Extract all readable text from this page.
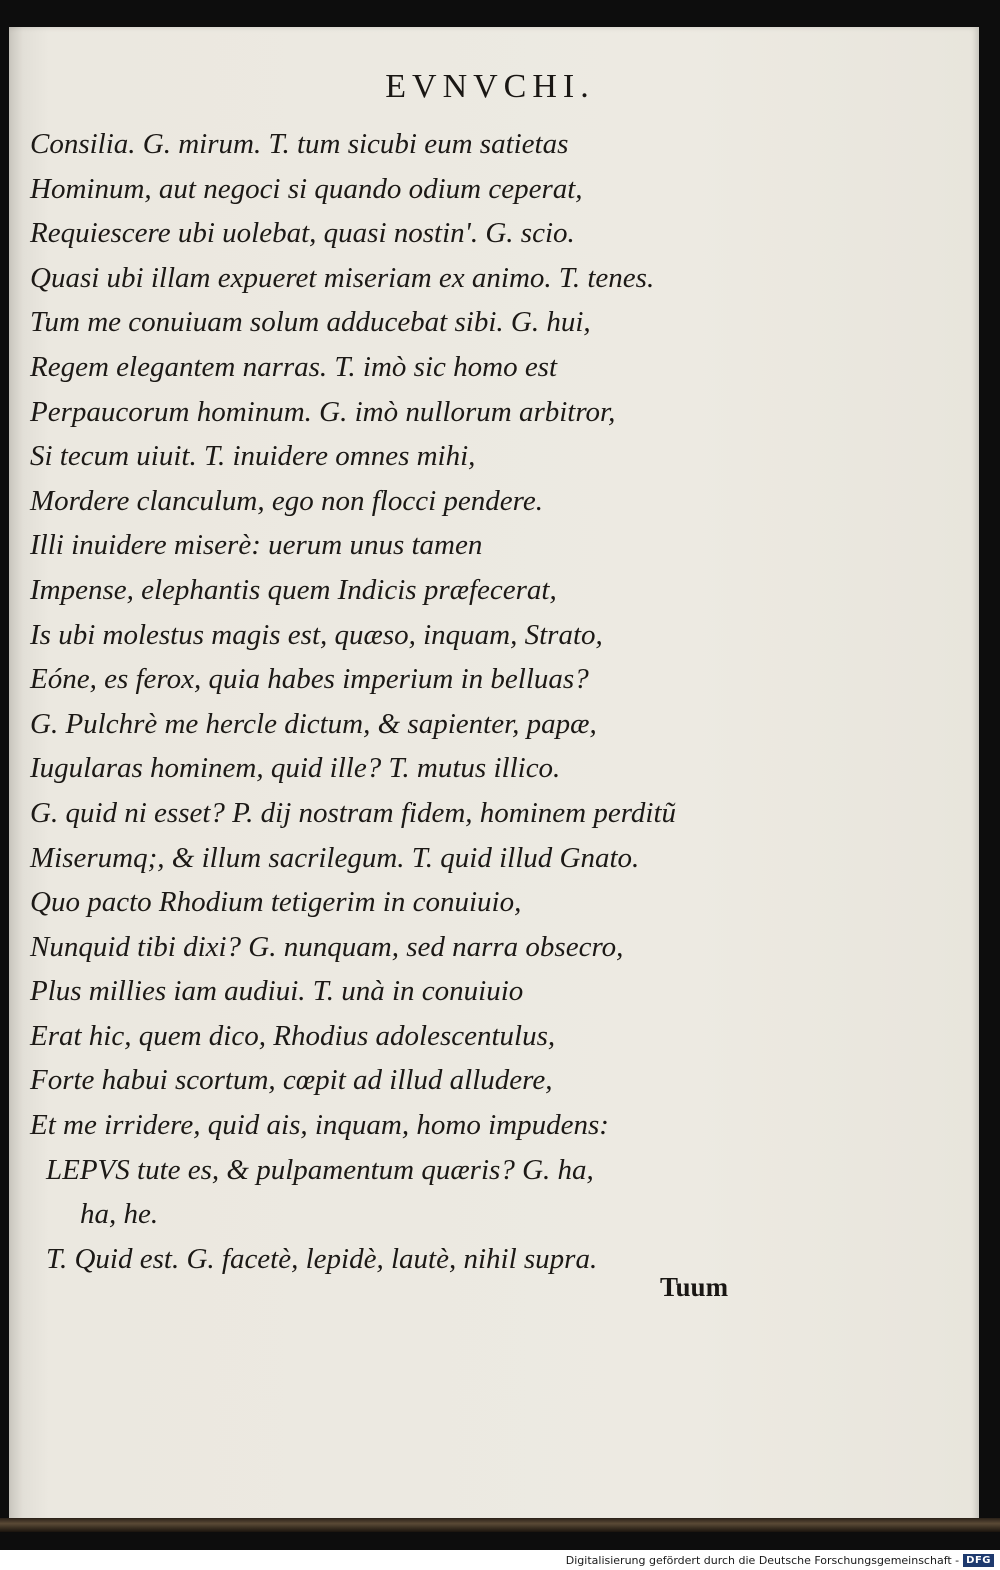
EVNVCHI.
Consilia. G. mirum. T. tum sicubi eum satietas
Hominum, aut negoci si quando odium ceperat,
Requiescere ubi uolebat, quasi nostin'. G. scio.
Quasi ubi illam expueret miseriam ex animo. T. tenes.
Tum me conuiuam solum adducebat sibi. G. hui,
Regem elegantem narras. T. imò sic homo est
Perpaucorum hominum. G. imò nullorum arbitror,
Si tecum uiuit. T. inuidere omnes mihi,
Mordere clanculum, ego non flocci pendere.
Illi inuidere miserè: uerum unus tamen
Impense, elephantis quem Indicis præfecerat,
Is ubi molestus magis est, quæso, inquam, Strato,
Eóne, es ferox, quia habes imperium in belluas?
G. Pulchrè me hercle dictum, & sapienter, papæ,
Iugularas hominem, quid ille? T. mutus illico.
G. quid ni esset? P. dij nostram fidem, hominem perditũ
Miserumq;, & illum sacrilegum. T. quid illud Gnato.
Quo pacto Rhodium tetigerim in conuiuio,
Nunquid tibi dixi? G. nunquam, sed narra obsecro,
Plus millies iam audiui. T. unà in conuiuio
Erat hic, quem dico, Rhodius adolescentulus,
Forte habui scortum, cœpit ad illud alludere,
Et me irridere, quid ais, inquam, homo impudens:
LEPVS tute es, & pulpamentum quæris? G. ha,
ha, he.
T. Quid est. G. facetè, lepidè, lautè, nihil supra.
Tuum
Digitalisierung gefördert durch die Deutsche Forschungsgemeinschaft - DFG
